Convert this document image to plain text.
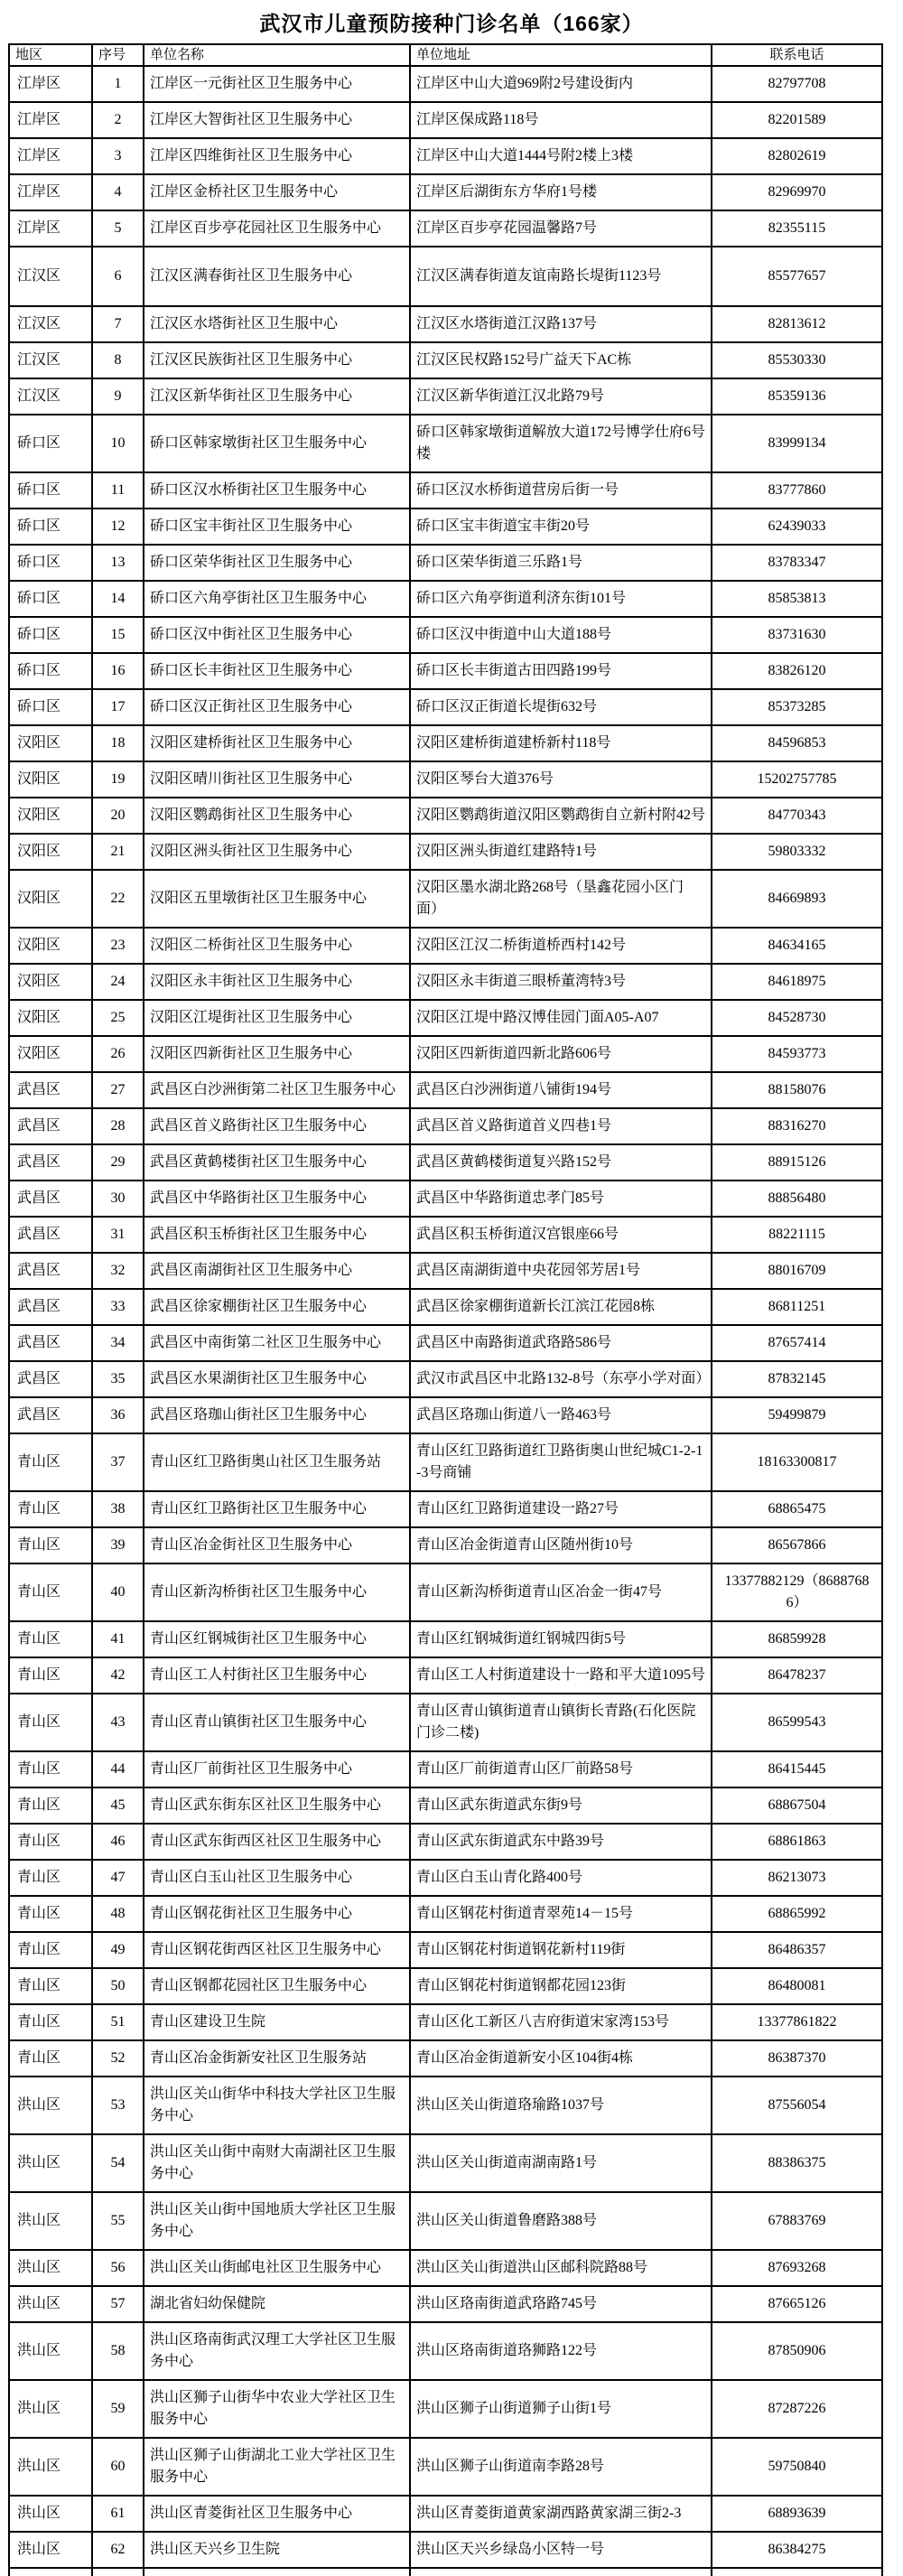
武汉市儿童预防接种门诊名单（166家）
地区	序号	单位名称	单位地址	联系电话
江岸区	1	江岸区一元街社区卫生服务中心	江岸区中山大道969附2号建设街内	82797708
江岸区	2	江岸区大智街社区卫生服务中心	江岸区保成路118号	82201589
江岸区	3	江岸区四维街社区卫生服务中心	江岸区中山大道1444号附2楼上3楼	82802619
江岸区	4	江岸区金桥社区卫生服务中心	江岸区后湖街东方华府1号楼	82969970
江岸区	5	江岸区百步亭花园社区卫生服务中心	江岸区百步亭花园温馨路7号	82355115
江汉区	6	江汉区满春街社区卫生服务中心	江汉区满春街道友谊南路长堤街1123号	85577657
江汉区	7	江汉区水塔街社区卫生服中心	江汉区水塔街道江汉路137号	82813612
江汉区	8	江汉区民族街社区卫生服务中心	江汉区民权路152号广益天下AC栋	85530330
江汉区	9	江汉区新华街社区卫生服务中心	江汉区新华街道江汉北路79号	85359136
硚口区	10	硚口区韩家墩街社区卫生服务中心	硚口区韩家墩街道解放大道172号博学仕府6号楼	83999134
硚口区	11	硚口区汉水桥街社区卫生服务中心	硚口区汉水桥街道营房后街一号	83777860
硚口区	12	硚口区宝丰街社区卫生服务中心	硚口区宝丰街道宝丰街20号	62439033
硚口区	13	硚口区荣华街社区卫生服务中心	硚口区荣华街道三乐路1号	83783347
硚口区	14	硚口区六角亭街社区卫生服务中心	硚口区六角亭街道利济东街101号	85853813
硚口区	15	硚口区汉中街社区卫生服务中心	硚口区汉中街道中山大道188号	83731630
硚口区	16	硚口区长丰街社区卫生服务中心	硚口区长丰街道古田四路199号	83826120
硚口区	17	硚口区汉正街社区卫生服务中心	硚口区汉正街道长堤街632号	85373285
汉阳区	18	汉阳区建桥街社区卫生服务中心	汉阳区建桥街道建桥新村118号	84596853
汉阳区	19	汉阳区晴川街社区卫生服务中心	汉阳区琴台大道376号	15202757785
汉阳区	20	汉阳区鹦鹉街社区卫生服务中心	汉阳区鹦鹉街道汉阳区鹦鹉街自立新村附42号	84770343
汉阳区	21	汉阳区洲头街社区卫生服务中心	汉阳区洲头街道红建路特1号	59803332
汉阳区	22	汉阳区五里墩街社区卫生服务中心	汉阳区墨水湖北路268号（垦鑫花园小区门面）	84669893
汉阳区	23	汉阳区二桥街社区卫生服务中心	汉阳区江汉二桥街道桥西村142号	84634165
汉阳区	24	汉阳区永丰街社区卫生服务中心	汉阳区永丰街道三眼桥董湾特3号	84618975
汉阳区	25	汉阳区江堤街社区卫生服务中心	汉阳区江堤中路汉博佳园门面A05-A07	84528730
汉阳区	26	汉阳区四新街社区卫生服务中心	汉阳区四新街道四新北路606号	84593773
武昌区	27	武昌区白沙洲街第二社区卫生服务中心	武昌区白沙洲街道八铺街194号	88158076
武昌区	28	武昌区首义路街社区卫生服务中心	武昌区首义路街道首义四巷1号	88316270
武昌区	29	武昌区黄鹤楼街社区卫生服务中心	武昌区黄鹤楼街道复兴路152号	88915126
武昌区	30	武昌区中华路街社区卫生服务中心	武昌区中华路街道忠孝门85号	88856480
武昌区	31	武昌区积玉桥街社区卫生服务中心	武昌区积玉桥街道汉宫银座66号	88221115
武昌区	32	武昌区南湖街社区卫生服务中心	武昌区南湖街道中央花园邻芳居1号	88016709
武昌区	33	武昌区徐家棚街社区卫生服务中心	武昌区徐家棚街道新长江滨江花园8栋	86811251
武昌区	34	武昌区中南街第二社区卫生服务中心	武昌区中南路街道武珞路586号	87657414
武昌区	35	武昌区水果湖街社区卫生服务中心	武汉市武昌区中北路132-8号（东亭小学对面）	87832145
武昌区	36	武昌区珞珈山街社区卫生服务中心	武昌区珞珈山街道八一路463号	59499879
青山区	37	青山区红卫路街奥山社区卫生服务站	青山区红卫路街道红卫路街奥山世纪城C1-2-1-3号商铺	18163300817
青山区	38	青山区红卫路街社区卫生服务中心	青山区红卫路街道建设一路27号	68865475
青山区	39	青山区冶金街社区卫生服务中心	青山区冶金街道青山区随州街10号	86567866
青山区	40	青山区新沟桥街社区卫生服务中心	青山区新沟桥街道青山区冶金一街47号	13377882129（86887686）
青山区	41	青山区红钢城街社区卫生服务中心	青山区红钢城街道红钢城四街5号	86859928
青山区	42	青山区工人村街社区卫生服务中心	青山区工人村街道建设十一路和平大道1095号	86478237
青山区	43	青山区青山镇街社区卫生服务中心	青山区青山镇街道青山镇街长青路(石化医院门诊二楼)	86599543
青山区	44	青山区厂前街社区卫生服务中心	青山区厂前街道青山区厂前路58号	86415445
青山区	45	青山区武东街东区社区卫生服务中心	青山区武东街道武东街9号	68867504
青山区	46	青山区武东街西区社区卫生服务中心	青山区武东街道武东中路39号	68861863
青山区	47	青山区白玉山社区卫生服务中心	青山区白玉山青化路400号	86213073
青山区	48	青山区钢花街社区卫生服务中心	青山区钢花村街道青翠苑14－15号	68865992
青山区	49	青山区钢花街西区社区卫生服务中心	青山区钢花村街道钢花新村119街	86486357
青山区	50	青山区钢都花园社区卫生服务中心	青山区钢花村街道钢都花园123街	86480081
青山区	51	青山区建设卫生院	青山区化工新区八吉府街道宋家湾153号	13377861822
青山区	52	青山区冶金街新安社区卫生服务站	青山区冶金街道新安小区104街4栋	86387370
洪山区	53	洪山区关山街华中科技大学社区卫生服务中心	洪山区关山街道珞瑜路1037号	87556054
洪山区	54	洪山区关山街中南财大南湖社区卫生服务中心	洪山区关山街道南湖南路1号	88386375
洪山区	55	洪山区关山街中国地质大学社区卫生服务中心	洪山区关山街道鲁磨路388号	67883769
洪山区	56	洪山区关山街邮电社区卫生服务中心	洪山区关山街道洪山区邮科院路88号	87693268
洪山区	57	湖北省妇幼保健院	洪山区珞南街道武珞路745号	87665126
洪山区	58	洪山区珞南街武汉理工大学社区卫生服务中心	洪山区珞南街道珞狮路122号	87850906
洪山区	59	洪山区狮子山街华中农业大学社区卫生服务中心	洪山区狮子山街道狮子山街1号	87287226
洪山区	60	洪山区狮子山街湖北工业大学社区卫生服务中心	洪山区狮子山街道南李路28号	59750840
洪山区	61	洪山区青菱街社区卫生服务中心	洪山区青菱街道黄家湖西路黄家湖三街2-3	68893639
洪山区	62	洪山区天兴乡卫生院	洪山区天兴乡绿岛小区特一号	86384275
